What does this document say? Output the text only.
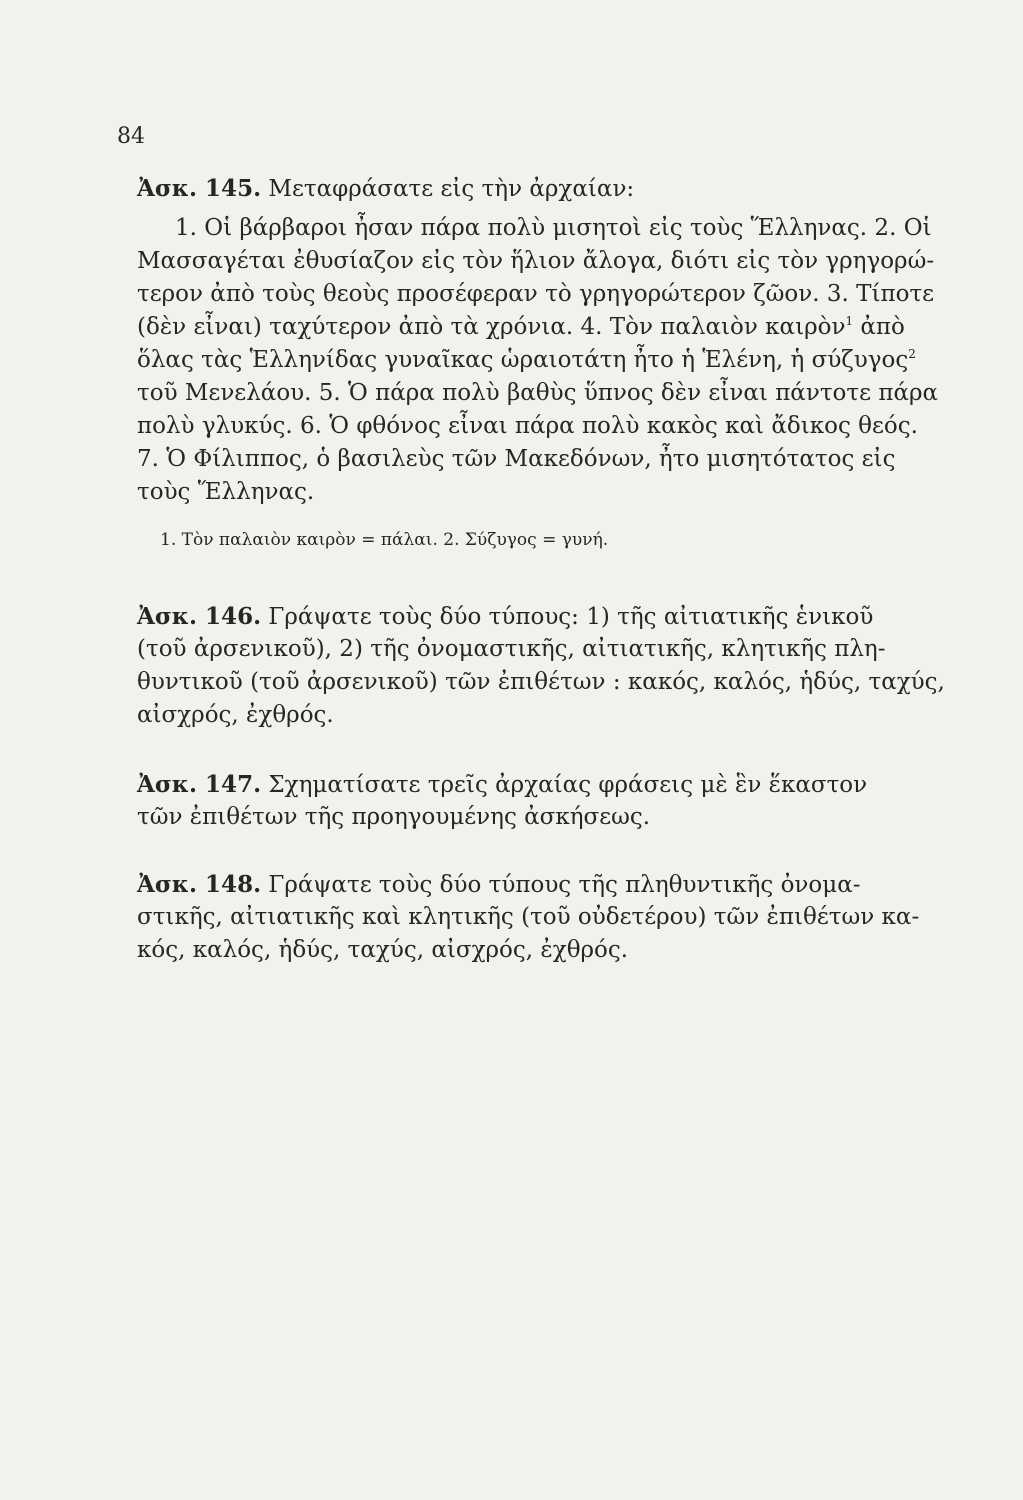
84
Ἀσκ. 145. Μεταφράσατε εἰς τὴν ἀρχαίαν:
1. Οἱ βάρβαροι ἦσαν πάρα πολὺ μισητοὶ εἰς τοὺς Ἕλληνας. 2. Οἱ
Μασσαγέται ἐθυσίαζον εἰς τὸν ἥλιον ἄλογα, διότι εἰς τὸν γρηγορώ-
τερον ἀπὸ τοὺς θεοὺς προσέφεραν τὸ γρηγορώτερον ζῶον. 3. Τίποτε
(δὲν εἶναι) ταχύτερον ἀπὸ τὰ χρόνια. 4. Τὸν παλαιὸν καιρὸν$^1$ ἀπὸ
ὅλας τὰς Ἑλληνίδας γυναῖκας ὡραιοτάτη ἦτο ἡ Ἑλένη, ἡ σύζυγος$^2$
τοῦ Μενελάου. 5. Ὁ πάρα πολὺ βαθὺς ὕπνος δὲν εἶναι πάντοτε πάρα
πολὺ γλυκύς. 6. Ὁ φθόνος εἶναι πάρα πολὺ κακὸς καὶ ἄδικος θεός.
7. Ὁ Φίλιππος, ὁ βασιλεὺς τῶν Μακεδόνων, ἦτο μισητότατος εἰς
τοὺς Ἕλληνας.
1. Τὸν παλαιὸν καιρὸν = πάλαι. 2. Σύζυγος = γυνή.
Ἀσκ. 146. Γράψατε τοὺς δύο τύπους: 1) τῆς αἰτιατικῆς ἑνικοῦ
(τοῦ ἀρσενικοῦ), 2) τῆς ὀνομαστικῆς, αἰτιατικῆς, κλητικῆς πλη-
θυντικοῦ (τοῦ ἀρσενικοῦ) τῶν ἐπιθέτων : κακός, καλός, ἡδύς, ταχύς,
αἰσχρός, ἐχθρός.
Ἀσκ. 147. Σχηματίσατε τρεῖς ἀρχαίας φράσεις μὲ ἓν ἕκαστον
τῶν ἐπιθέτων τῆς προηγουμένης ἀσκήσεως.
Ἀσκ. 148. Γράψατε τοὺς δύο τύπους τῆς πληθυντικῆς ὀνομα-
στικῆς, αἰτιατικῆς καὶ κλητικῆς (τοῦ οὐδετέρου) τῶν ἐπιθέτων κα-
κός, καλός, ἡδύς, ταχύς, αἰσχρός, ἐχθρός.
